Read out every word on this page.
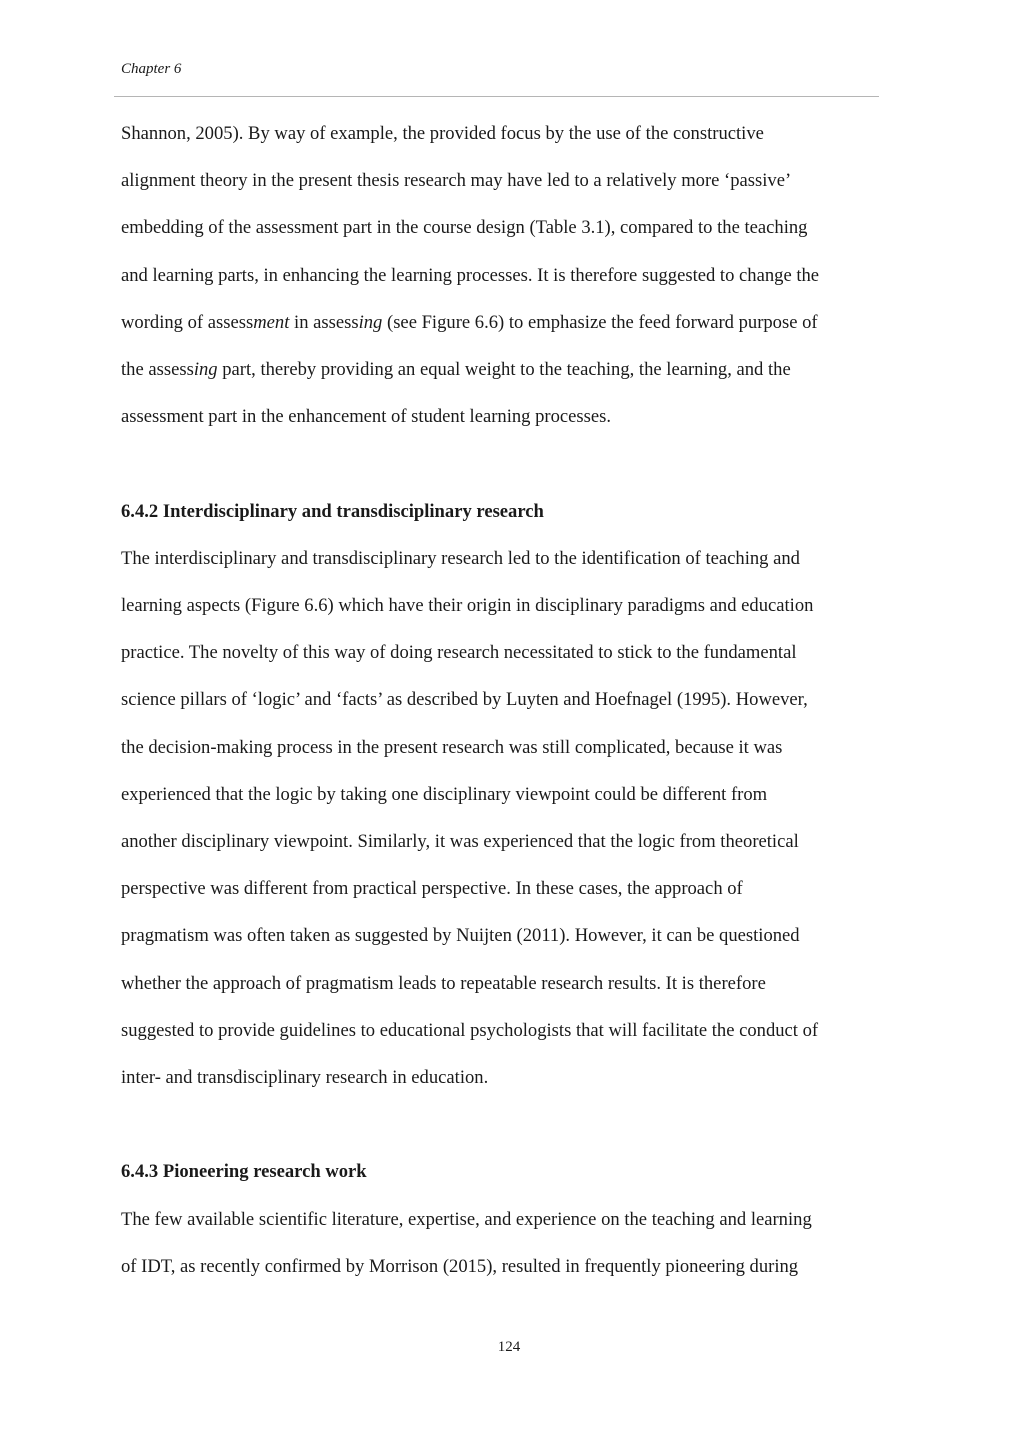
Chapter 6

Shannon, 2005). By way of example, the provided focus by the use of the constructive

alignment theory in the present thesis research may have led to a relatively more ‘passive’

embedding of the assessment part in the course design (Table 3.1), compared to the teaching

and learning parts, in enhancing the learning processes. It is therefore suggested to change the

wording of assessment in assessing (see Figure 6.6) to emphasize the feed forward purpose of

the assessing part, thereby providing an equal weight to the teaching, the learning, and the

assessment part in the enhancement of student learning processes.

6.4.2 Interdisciplinary and transdisciplinary research

The interdisciplinary and transdisciplinary research led to the identification of teaching and

learning aspects (Figure 6.6) which have their origin in disciplinary paradigms and education

practice. The novelty of this way of doing research necessitated to stick to the fundamental

science pillars of ‘logic’ and ‘facts’ as described by Luyten and Hoefnagel (1995). However,

the decision-making process in the present research was still complicated, because it was

experienced that the logic by taking one disciplinary viewpoint could be different from

another disciplinary viewpoint. Similarly, it was experienced that the logic from theoretical

perspective was different from practical perspective. In these cases, the approach of

pragmatism was often taken as suggested by Nuijten (2011). However, it can be questioned

whether the approach of pragmatism leads to repeatable research results. It is therefore

suggested to provide guidelines to educational psychologists that will facilitate the conduct of

inter- and transdisciplinary research in education.

6.4.3 Pioneering research work

The few available scientific literature, expertise, and experience on the teaching and learning

of IDT, as recently confirmed by Morrison (2015), resulted in frequently pioneering during

124
